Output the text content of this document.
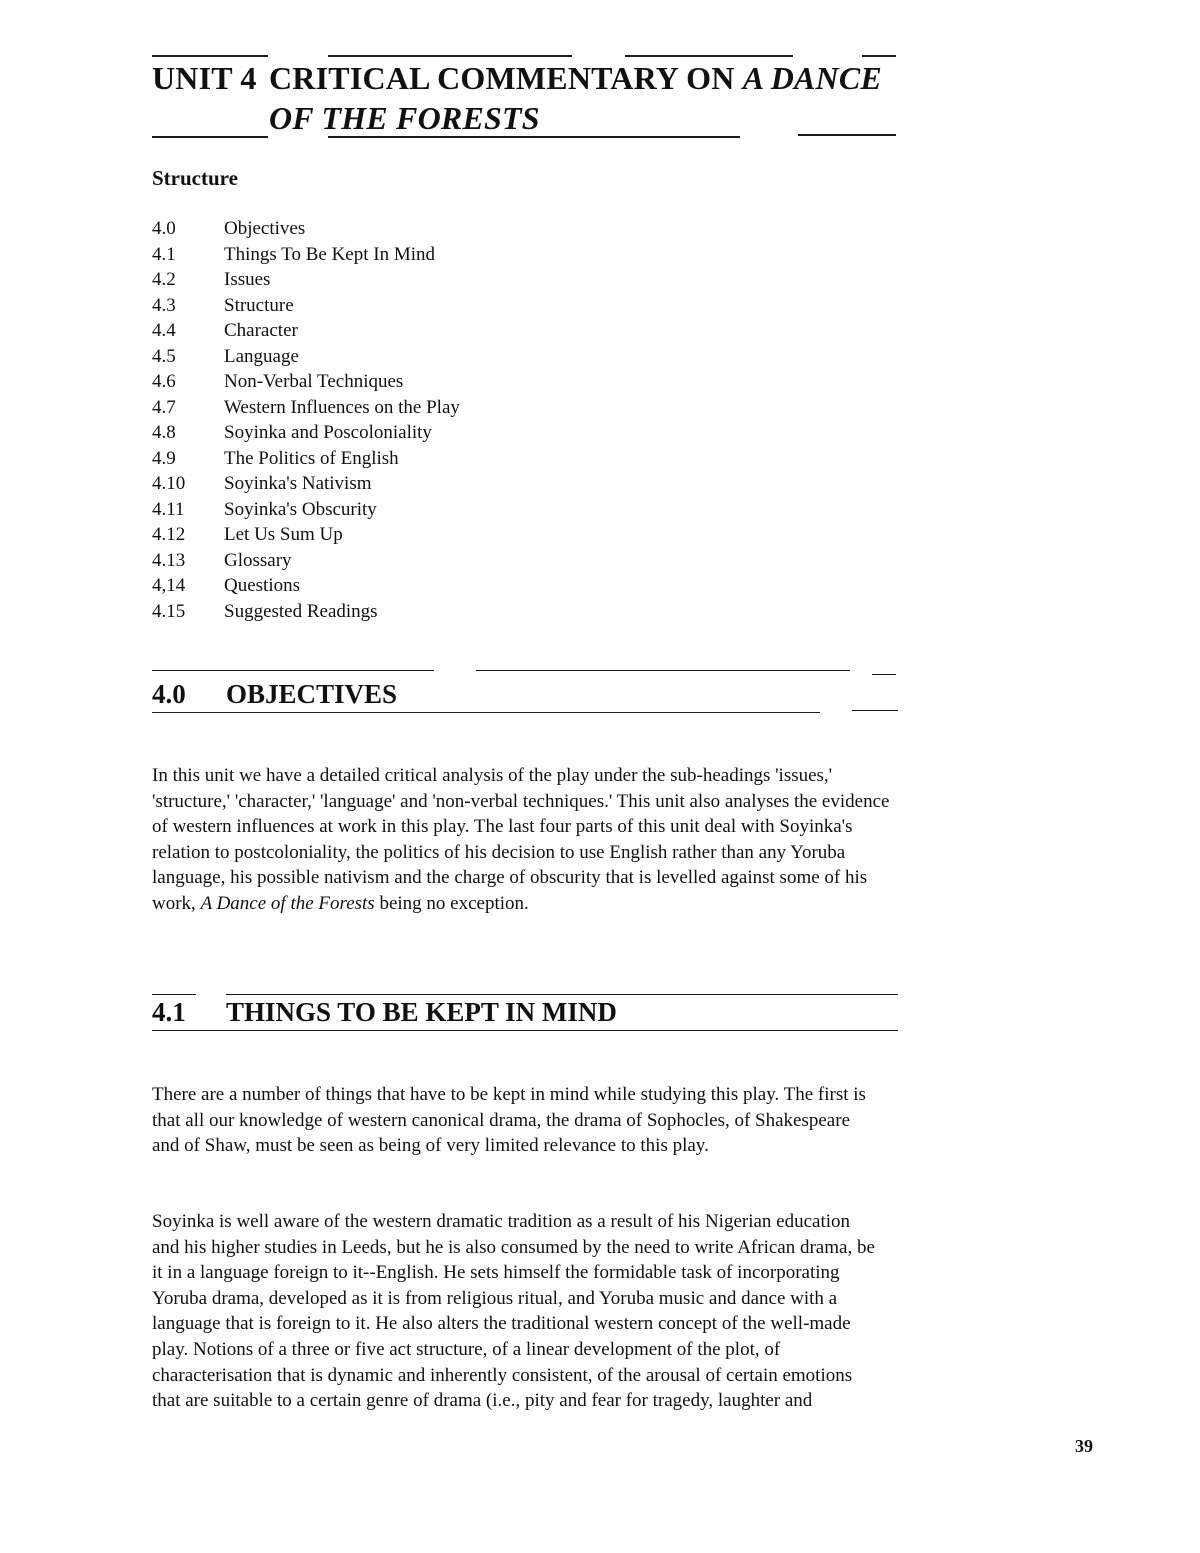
UNIT 4 CRITICAL COMMENTARY ON A DANCE
OF THE FORESTS
Structure
4.0	Objectives
4.1	Things To Be Kept In Mind
4.2	Issues
4.3	Structure
4.4	Character
4.5	Language
4.6	Non-Verbal Techniques
4.7	Western Influences on the Play
4.8	Soyinka and Poscoloniality
4.9	The Politics of English
4.10 Soyinka's Nativism
4.11 Soyinka's Obscurity
4.12 Let Us Sum Up
4.13 Glossary
4,14 Questions
4.15 Suggested Readings
4.0 OBJECTIVES

In this unit we have a detailed critical analysis of the play under the sub-headings 'issues,' 'structure,' 'character,' 'language' and 'non-verbal techniques.' This unit also analyses the evidence of western influences at work in this play. The last four parts of this unit deal with Soyinka's relation to postcoloniality, the politics of his decision to use English rather than any Yoruba language, his possible nativism and the charge of obscurity that is levelled against some of his work, A Dance of the Forests being no exception.

4.1 THINGS TO BE KEPT IN MIND

There are a number of things that have to be kept in mind while studying this play. The first is that all our knowledge of western canonical drama, the drama of Sophocles, of Shakespeare and of Shaw, must be seen as being of very limited relevance to this play.

Soyinka is well aware of the western dramatic tradition as a result of his Nigerian education and his higher studies in Leeds, but he is also consumed by the need to write African drama, be it in a language foreign to it--English. He sets himself the formidable task of incorporating Yoruba drama, developed as it is from religious ritual, and Yoruba music and dance with a language that is foreign to it. He also alters the traditional western concept of the well-made play. Notions of a three or five act structure, of a linear development of the plot, of characterisation that is dynamic and inherently consistent, of the arousal of certain emotions that are suitable to a certain genre of drama (i.e., pity and fear for tragedy, laughter and

39
